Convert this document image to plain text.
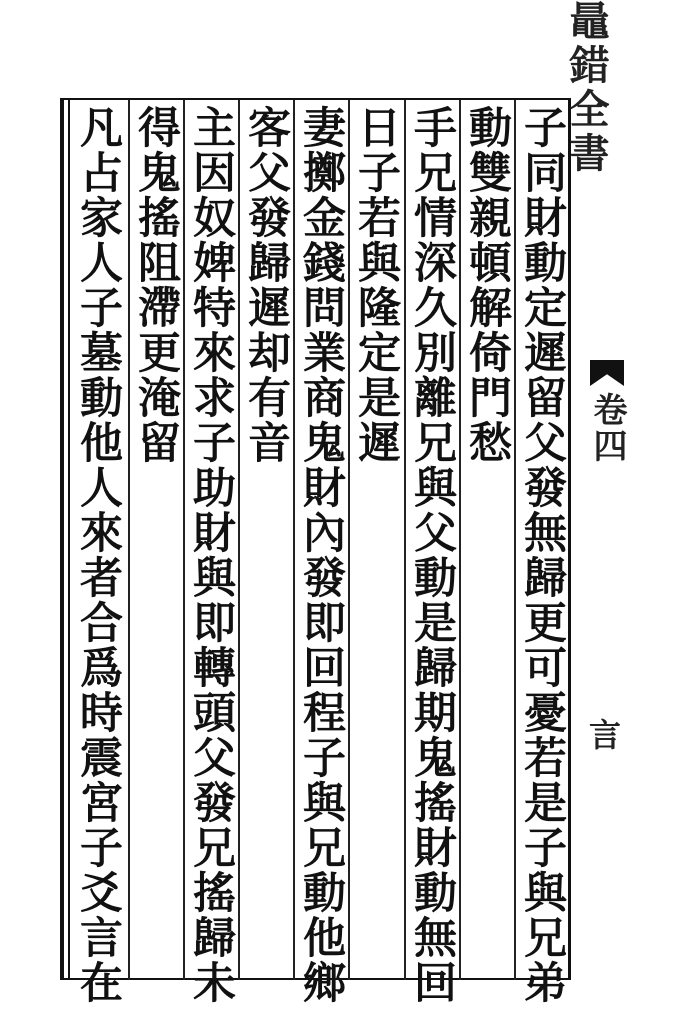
子同財動定遲留父發無歸更可憂若是子與兄弟
動雙親頓解倚門愁
手兄情深久別離兄與父動是歸期鬼搖財動無回
日子若與隆定是遲
妻擲金錢問業商鬼財內發即回程子與兄動他鄉
客父發歸遲却有音
主因奴婢特來求子助財與即轉頭父發兄搖歸未
得鬼搖阻滯更淹留
凡占家人子墓動他人來者合爲時震宮子爻言在
鼂錯全書
卷四
言
